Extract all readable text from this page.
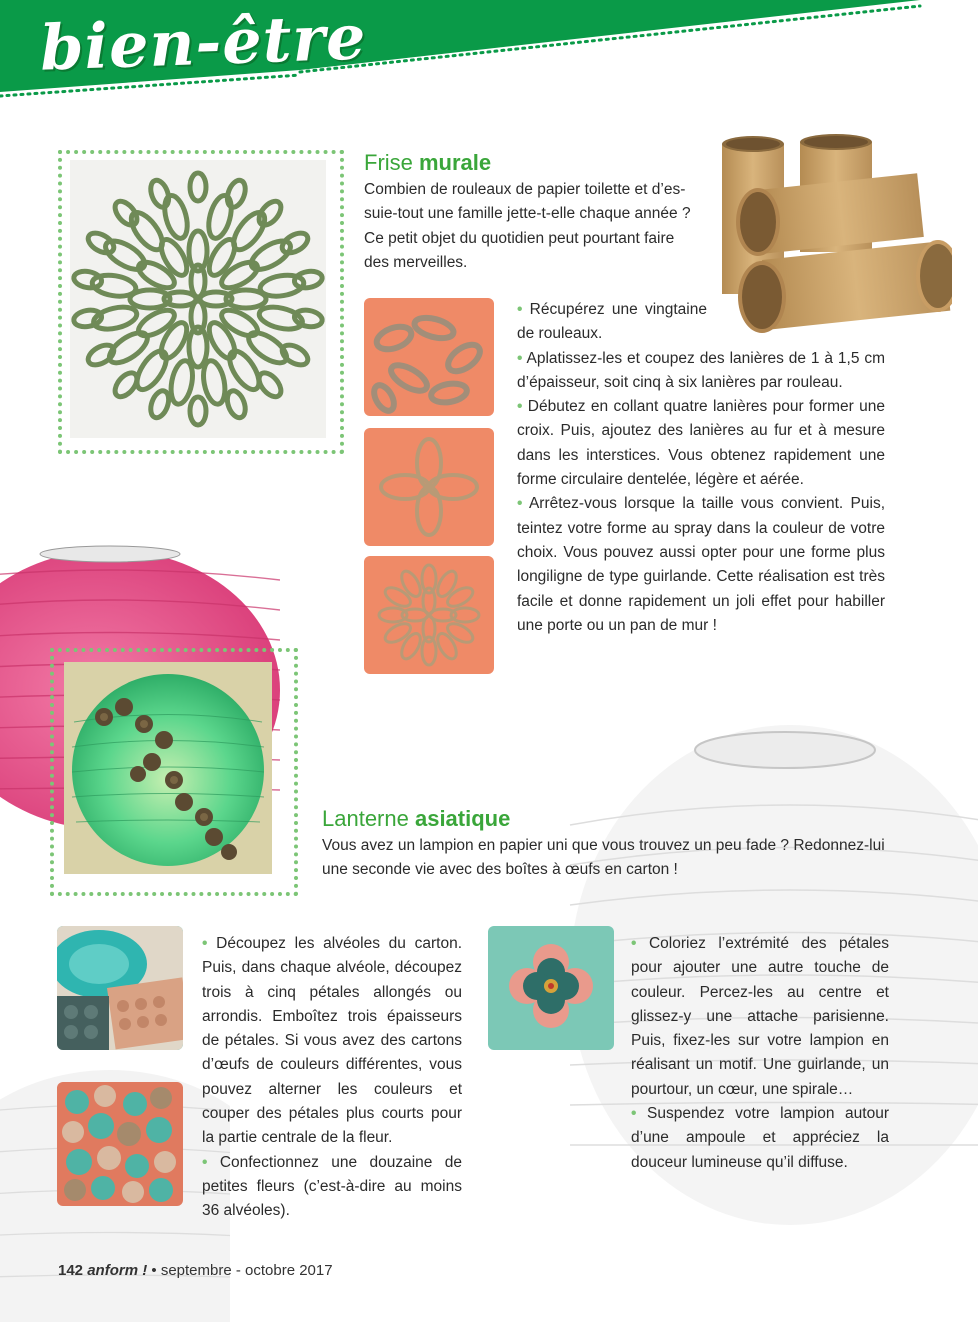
bien-être
Frise murale
Combien de rouleaux de papier toilette et d’es-suie-tout une famille jette-t-elle chaque année ? Ce petit objet du quotidien peut pourtant faire des merveilles.

• Récupérez une vingtaine de rouleaux.

• Aplatissez-les et coupez des lanières de 1 à 1,5 cm d’épaisseur, soit cinq à six lanières par rouleau.

• Débutez en collant quatre lanières pour former une croix. Puis, ajoutez des lanières au fur et à mesure dans les interstices. Vous obtenez rapidement une forme circulaire dentelée, légère et aérée.

• Arrêtez-vous lorsque la taille vous convient. Puis, teintez votre forme au spray dans la couleur de votre choix. Vous pouvez aussi opter pour une forme plus longiligne de type guirlande. Cette réalisation est très facile et donne rapidement un joli effet pour habiller une porte ou un pan de mur !

Lanterne asiatique
Vous avez un lampion en papier uni que vous trouvez un peu fade ? Redonnez-lui une seconde vie avec des boîtes à œufs en carton !

• Découpez les alvéoles du carton. Puis, dans chaque alvéole, découpez trois à cinq pétales allongés ou arrondis. Emboîtez trois épaisseurs de pétales. Si vous avez des cartons d’œufs de couleurs différentes, vous pouvez alterner les couleurs et couper des pétales plus courts pour la partie centrale de la fleur.

• Confectionnez une douzaine de petites fleurs (c’est-à-dire au moins 36 alvéoles).

• Coloriez l’extrémité des pétales pour ajouter une autre touche de couleur. Percez-les au centre et glissez-y une attache parisienne. Puis, fixez-les sur votre lampion en réalisant un motif. Une guirlande, un pourtour, un cœur, une spirale…

• Suspendez votre lampion autour d’une ampoule et appréciez la douceur lumineuse qu’il diffuse.

142 anform ! • septembre - octobre 2017
